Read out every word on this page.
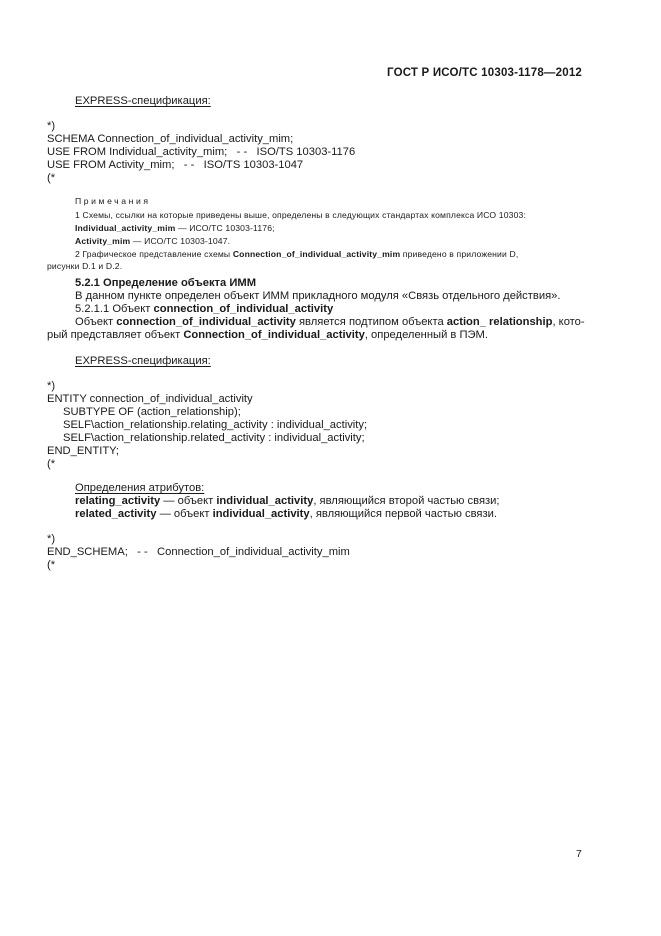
ГОСТ Р ИСО/ТС 10303-1178—2012
EXPRESS-спецификация:
*)
SCHEMA Connection_of_individual_activity_mim;
USE FROM Individual_activity_mim; - - ISO/TS 10303-1176
USE FROM Activity_mim; - - ISO/TS 10303-1047
(*
Примечания
1 Схемы, ссылки на которые приведены выше, определены в следующих стандартах комплекса ИСО 10303:
Individual_activity_mim — ИСО/ТС 10303-1176;
Activity_mim — ИСО/ТС 10303-1047.
2 Графическое представление схемы Connection_of_individual_activity_mim приведено в приложении D,
рисунки D.1 и D.2.
5.2.1 Определение объекта ИММ
В данном пункте определен объект ИММ прикладного модуля «Связь отдельного действия».
5.2.1.1 Объект connection_of_individual_activity
Объект connection_of_individual_activity является подтипом объекта action_ relationship, кото-
рый представляет объект Connection_of_individual_activity, определенный в ПЭМ.
EXPRESS-спецификация:
*)
ENTITY connection_of_individual_activity
SUBTYPE OF (action_relationship);
SELF\action_relationship.relating_activity : individual_activity;
SELF\action_relationship.related_activity : individual_activity;
END_ENTITY;
(*
Определения атрибутов:
relating_activity — объект individual_activity, являющийся второй частью связи;
related_activity — объект individual_activity, являющийся первой частью связи.
*)
END_SCHEMA; - - Connection_of_individual_activity_mim
(*
7
